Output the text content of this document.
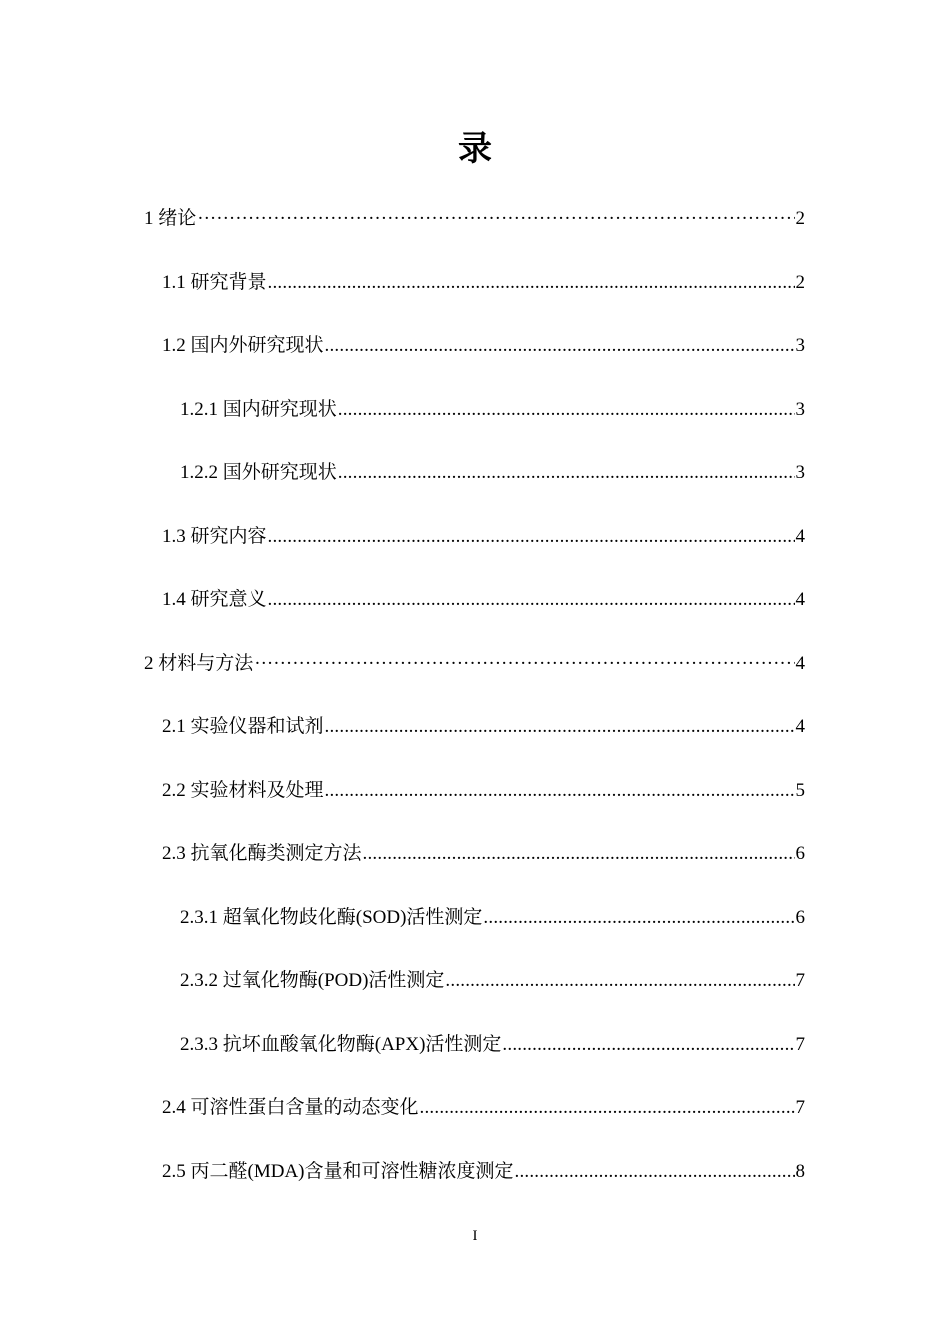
录
1 绪论 ·····	2
1.1 研究背景 .....	2
1.2 国内外研究现状 .....	3
1.2.1 国内研究现状 .....	3
1.2.2 国外研究现状 .....	3
1.3 研究内容 .....	4
1.4 研究意义 .....	4
2 材料与方法 ·····	4
2.1 实验仪器和试剂 .....	4
2.2 实验材料及处理 .....	5
2.3 抗氧化酶类测定方法 .....	6
2.3.1 超氧化物歧化酶(SOD)活性测定 .....	6
2.3.2 过氧化物酶(POD)活性测定 .....	7
2.3.3 抗坏血酸氧化物酶(APX)活性测定 .....	7
2.4 可溶性蛋白含量的动态变化 .....	7
2.5 丙二醛(MDA)含量和可溶性糖浓度测定 .....	8
I
